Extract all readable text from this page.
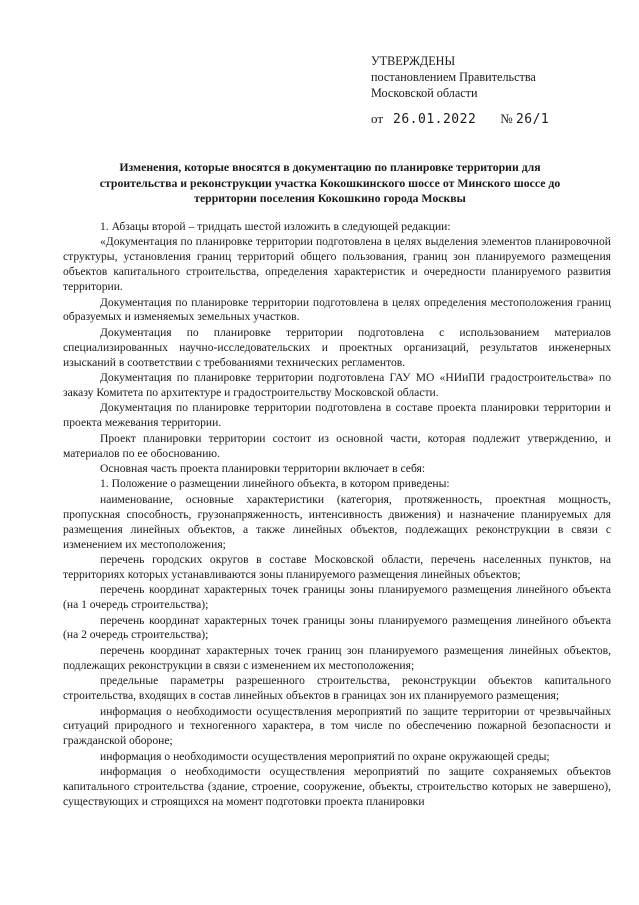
УТВЕРЖДЕНЫ
постановлением Правительства
Московской области
от 26.01.2022 № 26/1
Изменения, которые вносятся в документацию по планировке территории для строительства и реконструкции участка Кокошкинского шоссе от Минского шоссе до территории поселения Кокошкино города Москвы

1. Абзацы второй – тридцать шестой изложить в следующей редакции:

«Документация по планировке территории подготовлена в целях выделения элементов планировочной структуры, установления границ территорий общего пользования, границ зон планируемого размещения объектов капитального строительства, определения характеристик и очередности планируемого развития территории.

Документация по планировке территории подготовлена в целях определения местоположения границ образуемых и изменяемых земельных участков.

Документация по планировке территории подготовлена с использованием материалов специализированных научно-исследовательских и проектных организаций, результатов инженерных изысканий в соответствии с требованиями технических регламентов.

Документация по планировке территории подготовлена ГАУ МО «НИиПИ градостроительства» по заказу Комитета по архитектуре и градостроительству Московской области.

Документация по планировке территории подготовлена в составе проекта планировки территории и проекта межевания территории.

Проект планировки территории состоит из основной части, которая подлежит утверждению, и материалов по ее обоснованию.

Основная часть проекта планировки территории включает в себя:

1. Положение о размещении линейного объекта, в котором приведены:

наименование, основные характеристики (категория, протяженность, проектная мощность, пропускная способность, грузонапряженность, интенсивность движения) и назначение планируемых для размещения линейных объектов, а также линейных объектов, подлежащих реконструкции в связи с изменением их местоположения;

перечень городских округов в составе Московской области, перечень населенных пунктов, на территориях которых устанавливаются зоны планируемого размещения линейных объектов;

перечень координат характерных точек границы зоны планируемого размещения линейного объекта (на 1 очередь строительства);

перечень координат характерных точек границы зоны планируемого размещения линейного объекта (на 2 очередь строительства);

перечень координат характерных точек границ зон планируемого размещения линейных объектов, подлежащих реконструкции в связи с изменением их местоположения;

предельные параметры разрешенного строительства, реконструкции объектов капитального строительства, входящих в состав линейных объектов в границах зон их планируемого размещения;

информация о необходимости осуществления мероприятий по защите территории от чрезвычайных ситуаций природного и техногенного характера, в том числе по обеспечению пожарной безопасности и гражданской обороне;

информация о необходимости осуществления мероприятий по охране окружающей среды;

информация о необходимости осуществления мероприятий по защите сохраняемых объектов капитального строительства (здание, строение, сооружение, объекты, строительство которых не завершено), существующих и строящихся на момент подготовки проекта планировки
